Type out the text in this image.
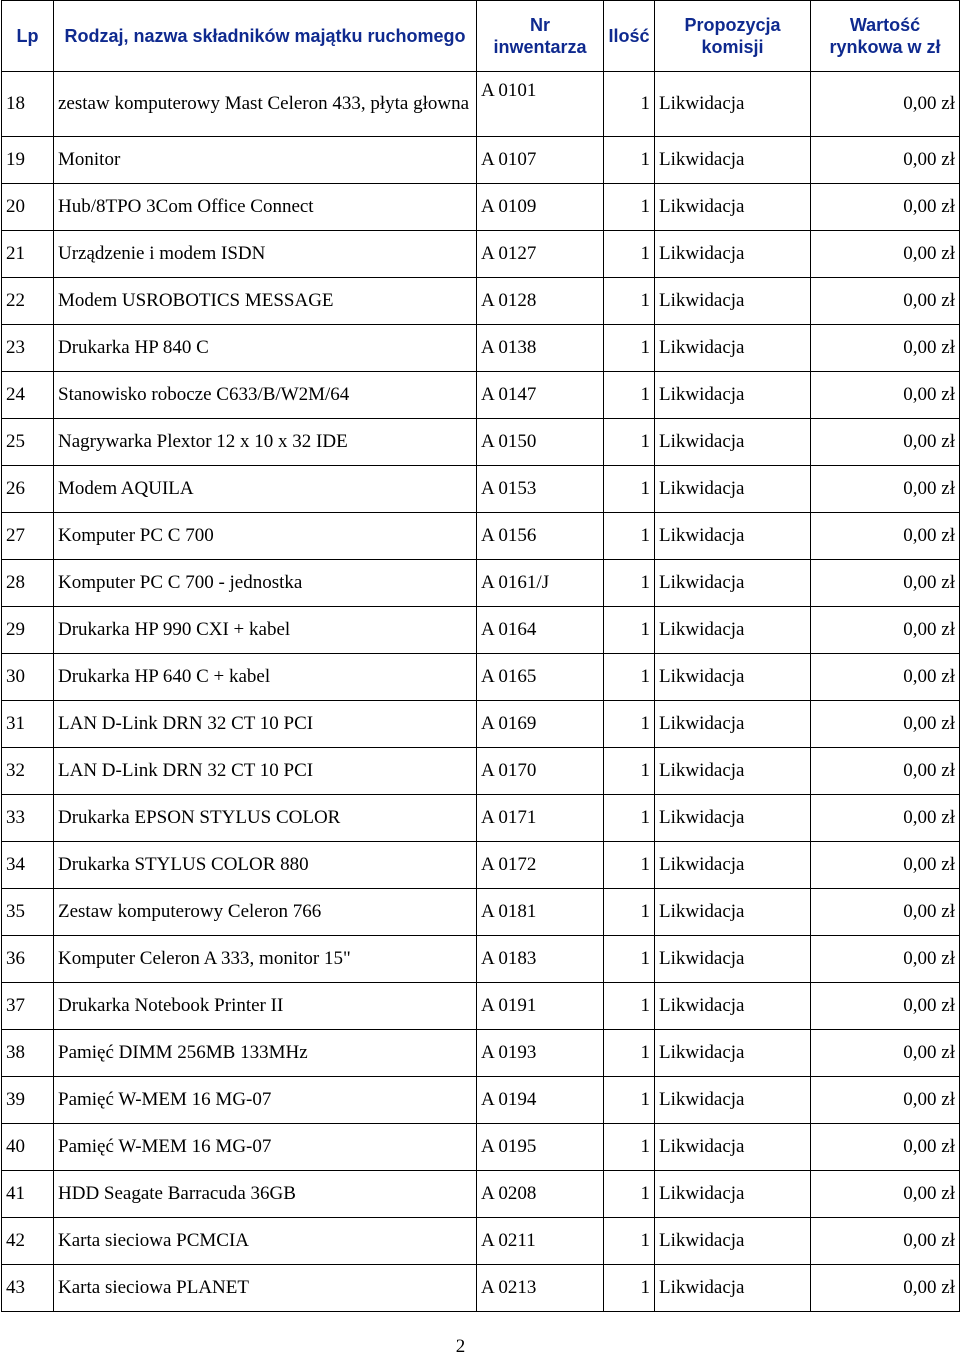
Lp	Rodzaj, nazwa składników majątku ruchomego	Nr inwentarza	Ilość	Propozycja komisji	Wartość rynkowa w zł
18	zestaw komputerowy Mast Celeron 433, płyta głowna	A 0101	1	Likwidacja	0,00 zł
19	Monitor	A 0107	1	Likwidacja	0,00 zł
20	Hub/8TPO 3Com Office Connect	A 0109	1	Likwidacja	0,00 zł
21	Urządzenie i modem ISDN	A 0127	1	Likwidacja	0,00 zł
22	Modem USROBOTICS MESSAGE	A 0128	1	Likwidacja	0,00 zł
23	Drukarka HP 840 C	A 0138	1	Likwidacja	0,00 zł
24	Stanowisko robocze C633/B/W2M/64	A 0147	1	Likwidacja	0,00 zł
25	Nagrywarka Plextor 12 x 10 x 32 IDE	A 0150	1	Likwidacja	0,00 zł
26	Modem AQUILA	A 0153	1	Likwidacja	0,00 zł
27	Komputer PC C 700	A 0156	1	Likwidacja	0,00 zł
28	Komputer PC C 700 - jednostka	A 0161/J	1	Likwidacja	0,00 zł
29	Drukarka HP 990 CXI + kabel	A 0164	1	Likwidacja	0,00 zł
30	Drukarka HP 640 C + kabel	A 0165	1	Likwidacja	0,00 zł
31	LAN D-Link DRN 32 CT 10 PCI	A 0169	1	Likwidacja	0,00 zł
32	LAN D-Link DRN 32 CT 10 PCI	A 0170	1	Likwidacja	0,00 zł
33	Drukarka EPSON STYLUS COLOR	A 0171	1	Likwidacja	0,00 zł
34	Drukarka STYLUS COLOR 880	A 0172	1	Likwidacja	0,00 zł
35	Zestaw komputerowy Celeron 766	A 0181	1	Likwidacja	0,00 zł
36	Komputer Celeron A 333, monitor 15"	A 0183	1	Likwidacja	0,00 zł
37	Drukarka Notebook Printer II	A 0191	1	Likwidacja	0,00 zł
38	Pamięć DIMM 256MB 133MHz	A 0193	1	Likwidacja	0,00 zł
39	Pamięć W-MEM 16 MG-07	A 0194	1	Likwidacja	0,00 zł
40	Pamięć W-MEM 16 MG-07	A 0195	1	Likwidacja	0,00 zł
41	HDD Seagate Barracuda 36GB	A 0208	1	Likwidacja	0,00 zł
42	Karta sieciowa PCMCIA	A 0211	1	Likwidacja	0,00 zł
43	Karta sieciowa PLANET	A 0213	1	Likwidacja	0,00 zł
2
